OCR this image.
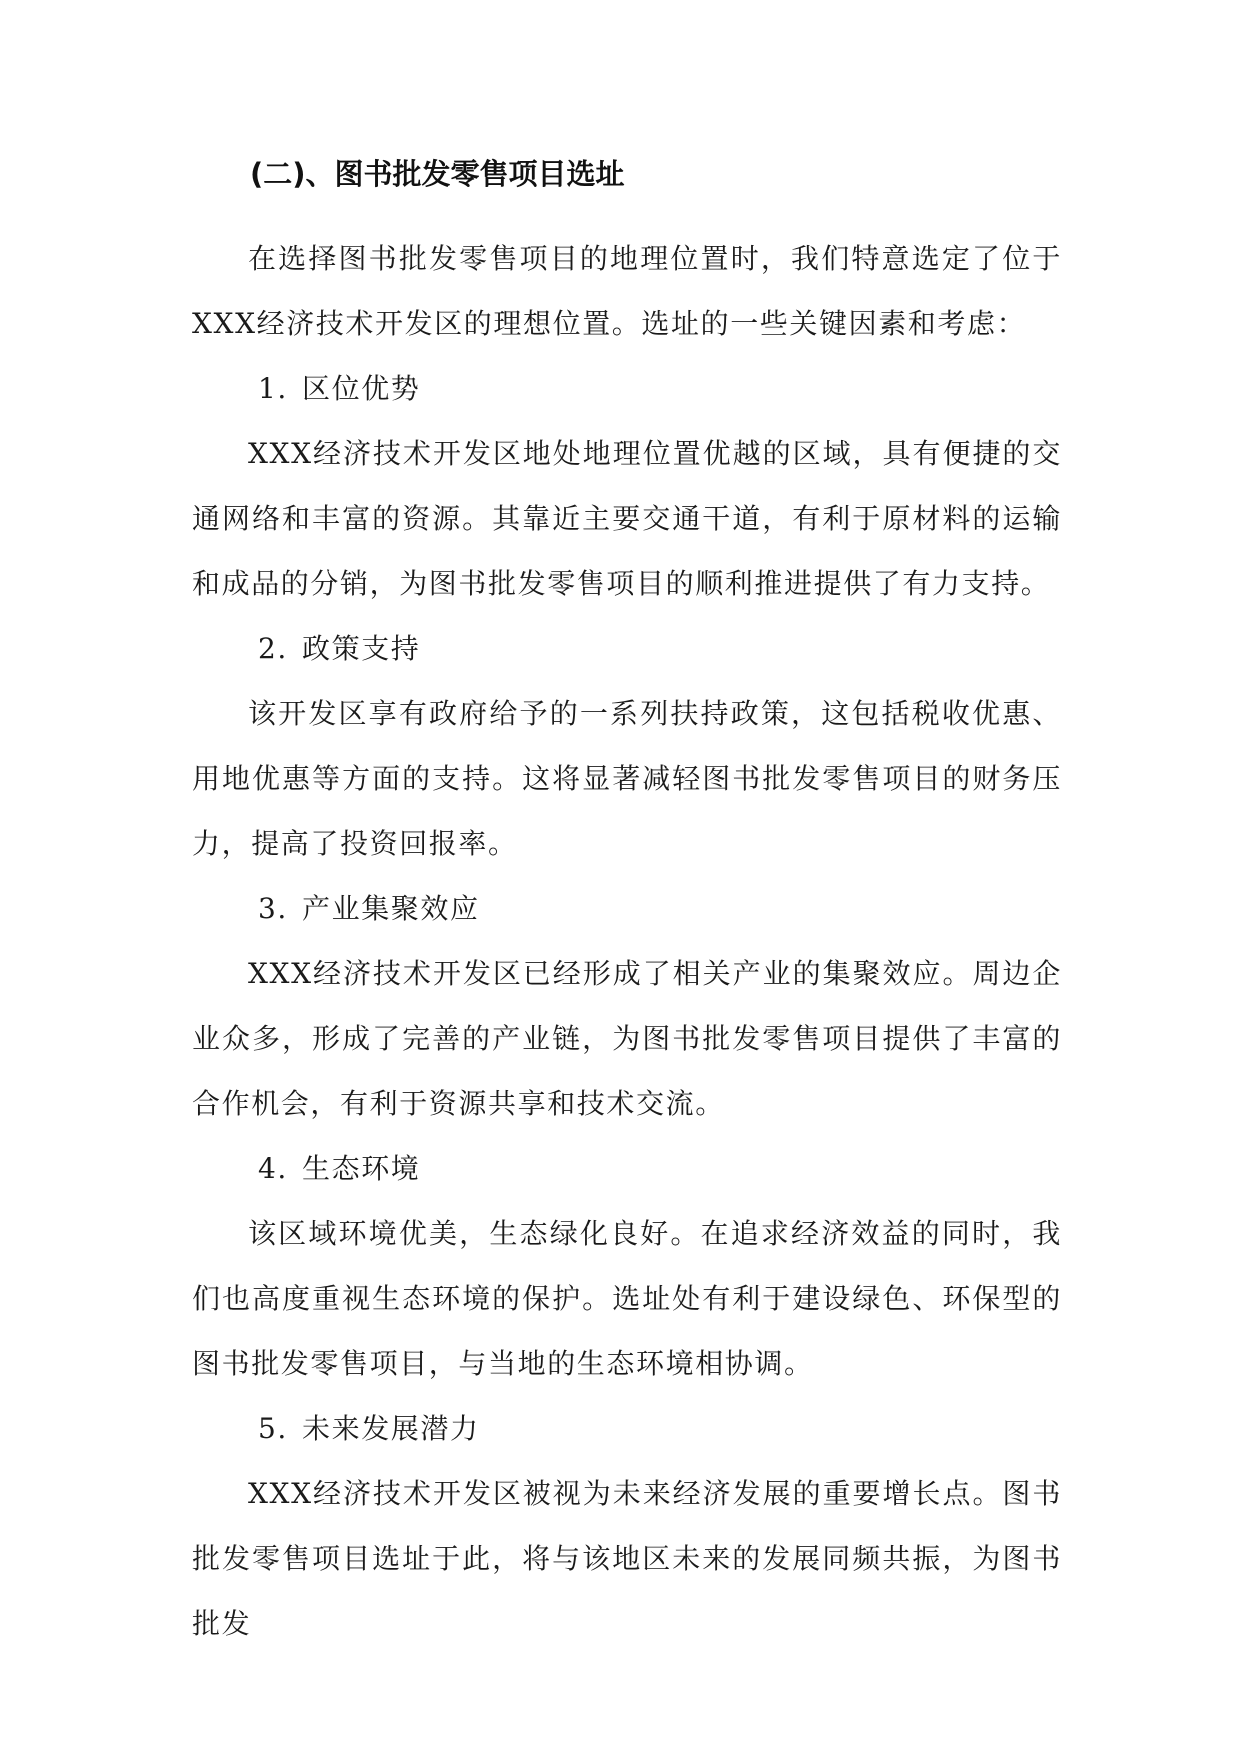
(二)、图书批发零售项目选址

在选择图书批发零售项目的地理位置时，我们特意选定了位于XXX经济技术开发区的理想位置。选址的一些关键因素和考虑：

1. 区位优势

XXX经济技术开发区地处地理位置优越的区域，具有便捷的交通网络和丰富的资源。其靠近主要交通干道，有利于原材料的运输和成品的分销，为图书批发零售项目的顺利推进提供了有力支持。

2. 政策支持

该开发区享有政府给予的一系列扶持政策，这包括税收优惠、用地优惠等方面的支持。这将显著减轻图书批发零售项目的财务压力，提高了投资回报率。

3. 产业集聚效应

XXX经济技术开发区已经形成了相关产业的集聚效应。周边企业众多，形成了完善的产业链，为图书批发零售项目提供了丰富的合作机会，有利于资源共享和技术交流。

4. 生态环境

该区域环境优美，生态绿化良好。在追求经济效益的同时，我们也高度重视生态环境的保护。选址处有利于建设绿色、环保型的图书批发零售项目，与当地的生态环境相协调。

5. 未来发展潜力

XXX经济技术开发区被视为未来经济发展的重要增长点。图书批发零售项目选址于此，将与该地区未来的发展同频共振，为图书批发
